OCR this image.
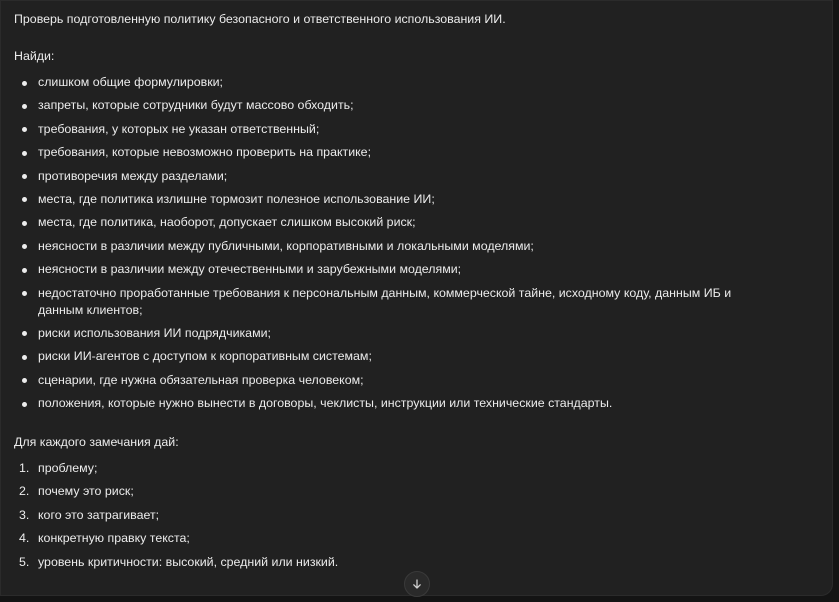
Проверь подготовленную политику безопасного и ответственного использования ИИ.

Найди:

слишком общие формулировки;
запреты, которые сотрудники будут массово обходить;
требования, у которых не указан ответственный;
требования, которые невозможно проверить на практике;
противоречия между разделами;
места, где политика излишне тормозит полезное использование ИИ;
места, где политика, наоборот, допускает слишком высокий риск;
неясности в различии между публичными, корпоративными и локальными моделями;
неясности в различии между отечественными и зарубежными моделями;
недостаточно проработанные требования к персональным данным, коммерческой тайне, исходному коду, данным ИБ и данным клиентов;
риски использования ИИ подрядчиками;
риски ИИ-агентов с доступом к корпоративным системам;
сценарии, где нужна обязательная проверка человеком;
положения, которые нужно вынести в договоры, чеклисты, инструкции или технические стандарты.

Для каждого замечания дай:

1. проблему;
2. почему это риск;
3. кого это затрагивает;
4. конкретную правку текста;
5. уровень критичности: высокий, средний или низкий.
